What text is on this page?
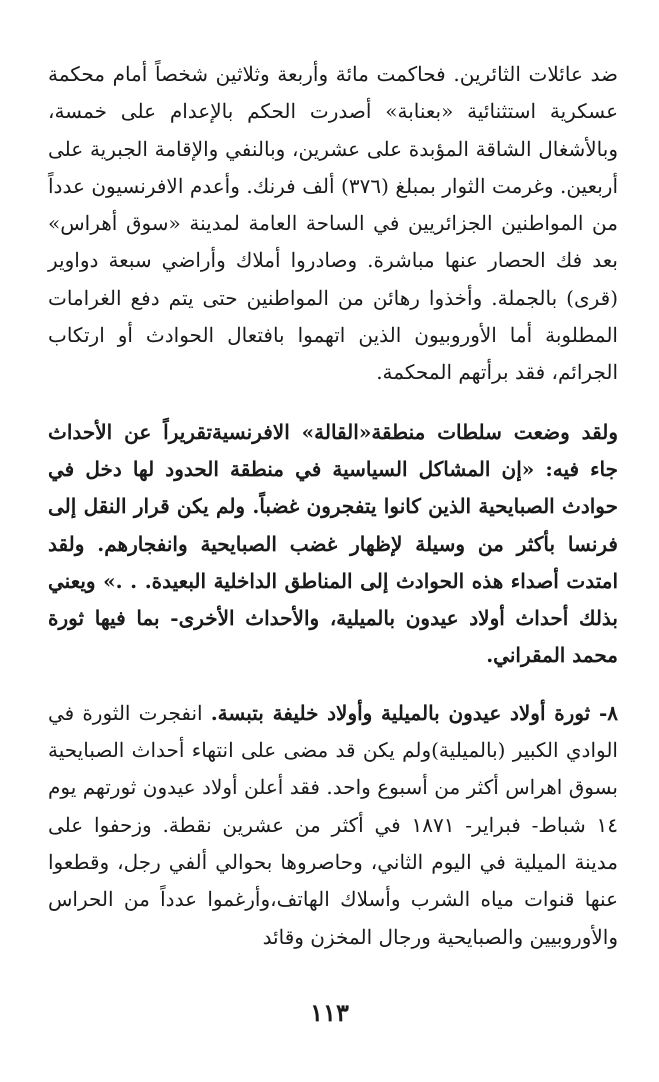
ضد عائلات الثائرين. فحاكمت مائة وأربعة وثلاثين شخصاً أمام محكمة عسكرية استثنائية «بعنابة» أصدرت الحكم بالإعدام على خمسة، وبالأشغال الشاقة المؤبدة على عشرين، وبالنفي والإقامة الجبرية على أربعين. وغرمت الثوار بمبلغ (٣٧٦) ألف فرنك. وأعدم الافرنسيون عدداً من المواطنين الجزائريين في الساحة العامة لمدينة «سوق أهراس» بعد فك الحصار عنها مباشرة. وصادروا أملاك وأراضي سبعة دواوير (قرى) بالجملة. وأخذوا رهائن من المواطنين حتى يتم دفع الغرامات المطلوبة أما الأوروبيون الذين اتهموا بافتعال الحوادث أو ارتكاب الجرائم، فقد برأتهم المحكمة.

ولقد وضعت سلطات منطقة«القالة» الافرنسيةتقريراً عن الأحداث جاء فيه: «إن المشاكل السياسية في منطقة الحدود لها دخل في حوادث الصبايحية الذين كانوا يتفجرون غضباً. ولم يكن قرار النقل إلى فرنسا بأكثر من وسيلة لإظهار غضب الصبايحية وانفجارهم. ولقد امتدت أصداء هذه الحوادث إلى المناطق الداخلية البعيدة. . .» ويعني بذلك أحداث أولاد عيدون بالميلية، والأحداث الأخرى- بما فيها ثورة محمد المقراني.

٨- ثورة أولاد عيدون بالميلية وأولاد خليفة بتبسة. انفجرت الثورة في الوادي الكبير (بالميلية)ولم يكن قد مضى على انتهاء أحداث الصبايحية بسوق اهراس أكثر من أسبوع واحد. فقد أعلن أولاد عيدون ثورتهم يوم ١٤ شباط- فبراير- ١٨٧١ في أكثر من عشرين نقطة. وزحفوا على مدينة الميلية في اليوم الثاني، وحاصروها بحوالي ألفي رجل، وقطعوا عنها قنوات مياه الشرب وأسلاك الهاتف،وأرغموا عدداً من الحراس والأوروبيين والصبايحية ورجال المخزن وقائد

١١٣
